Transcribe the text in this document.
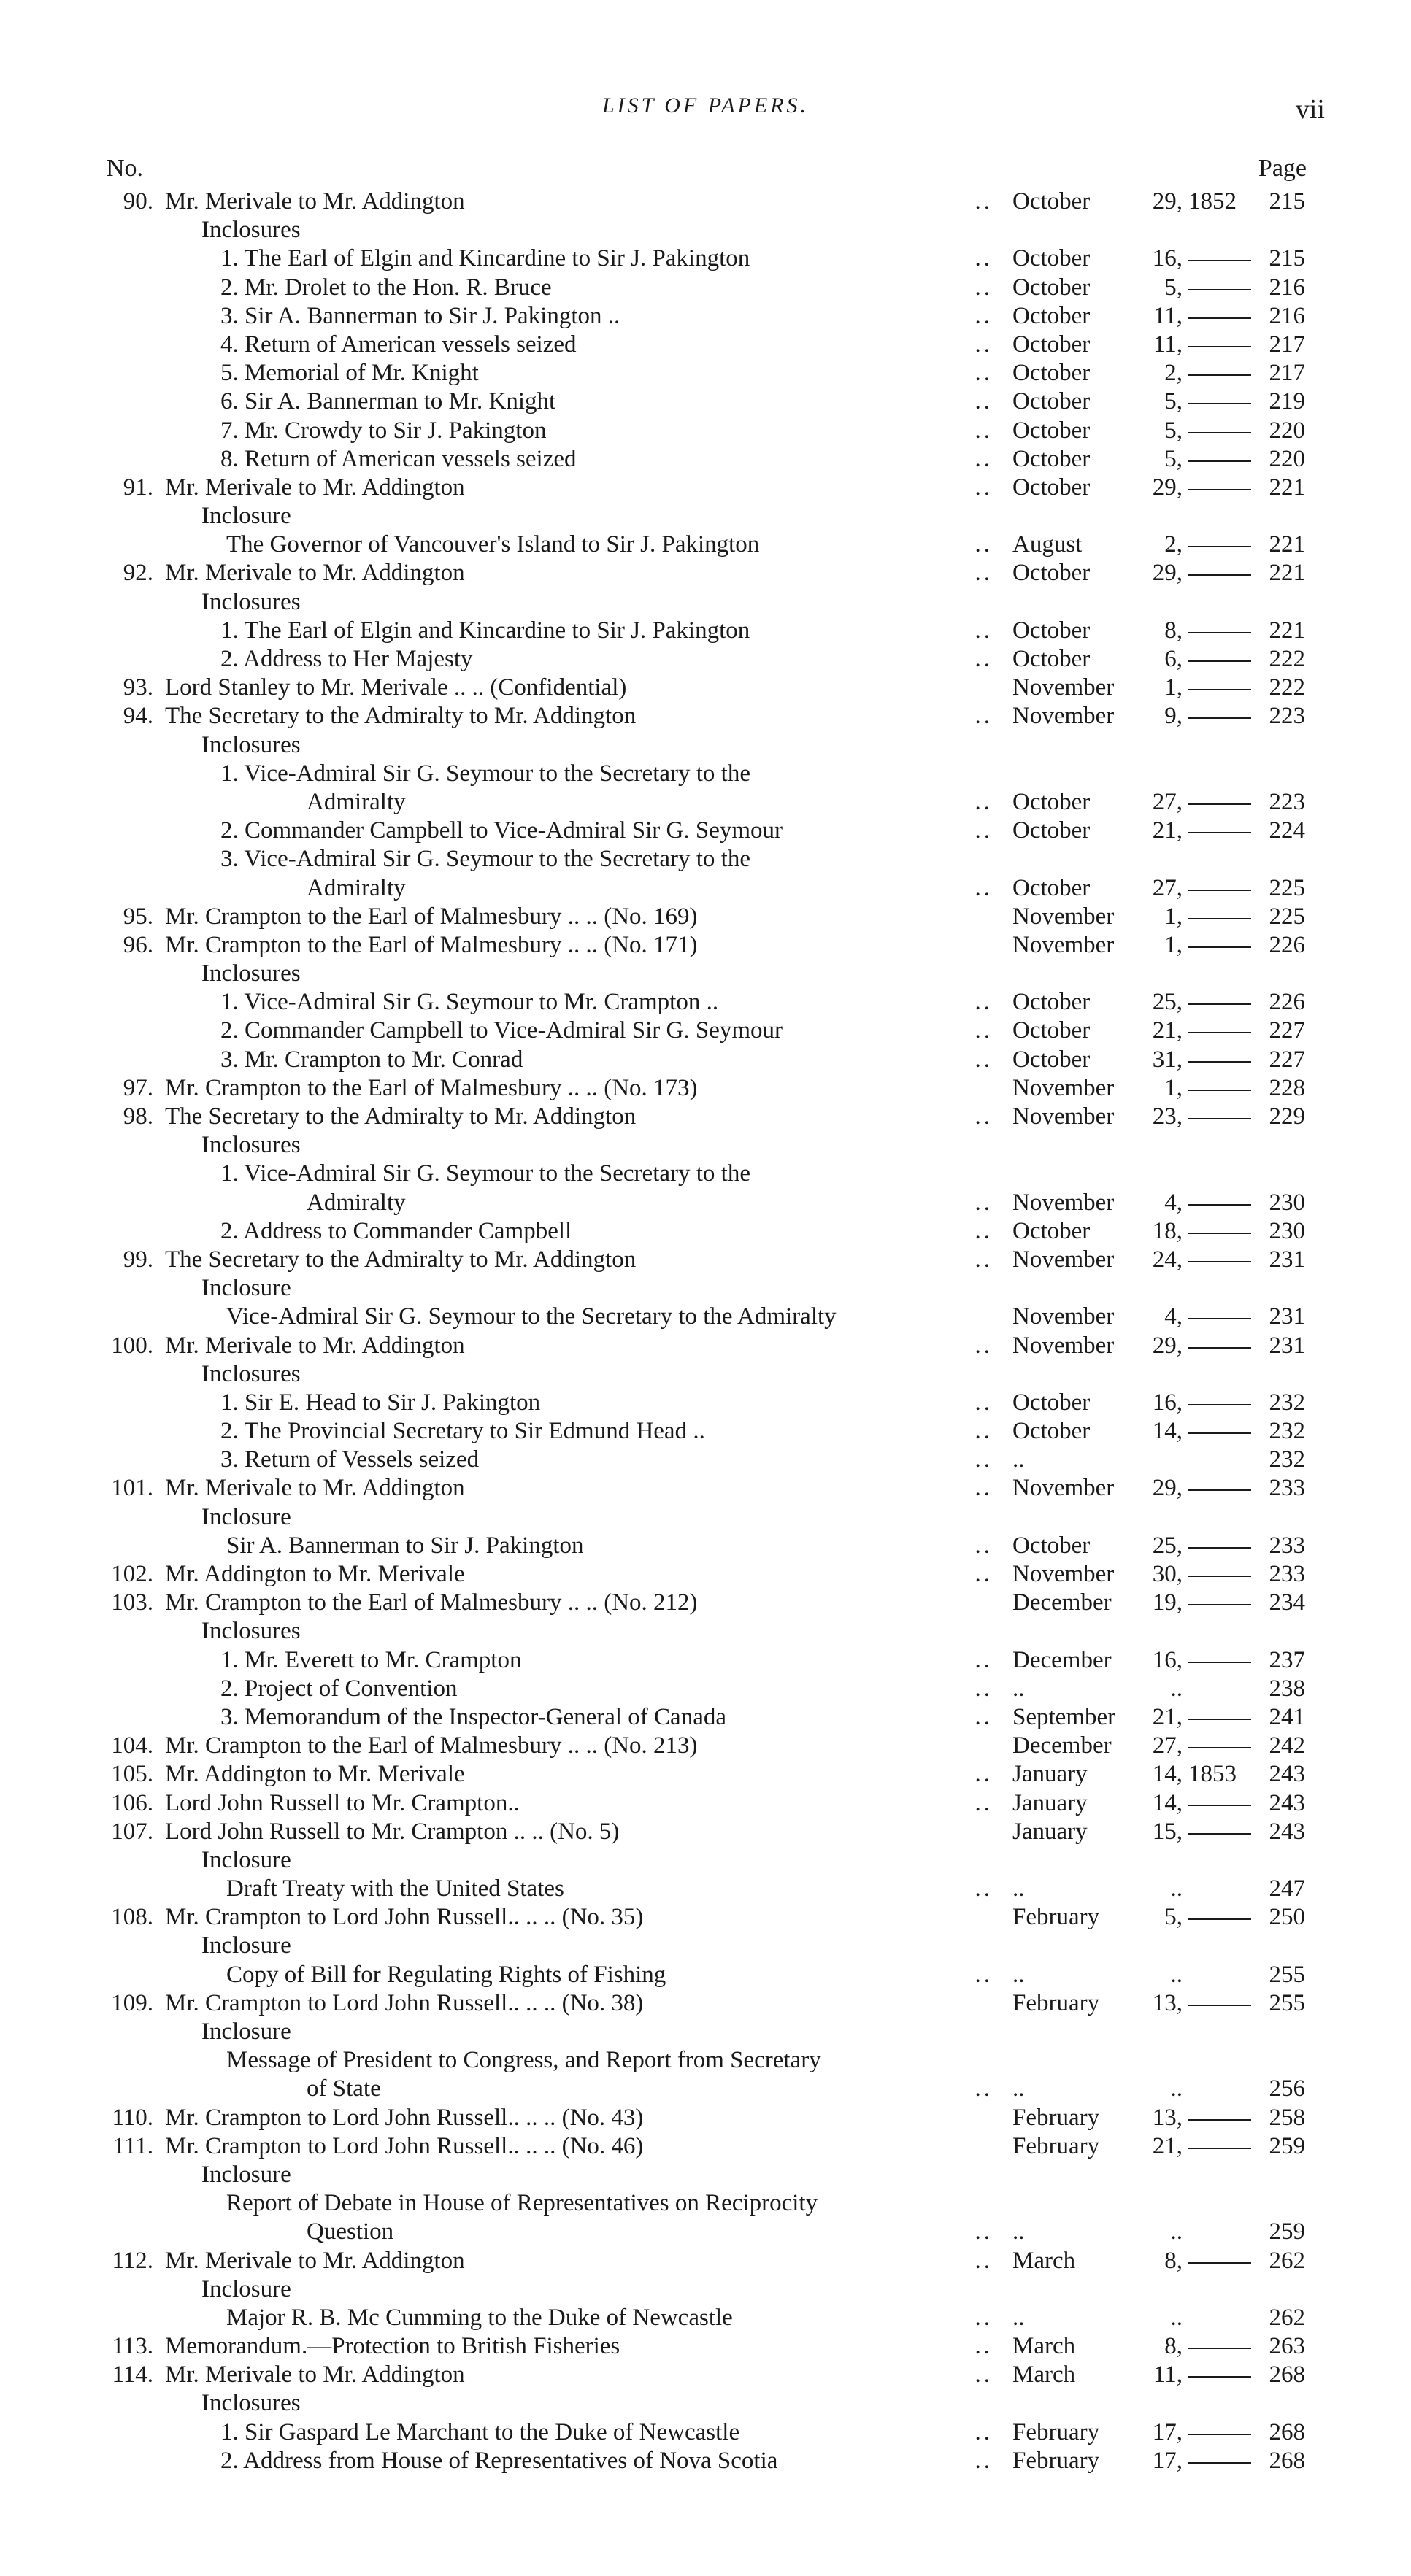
LIST OF PAPERS.	vii
No.	Page
90. Mr. Merivale to Mr. Addington	.. October	29, 1852	215
Inclosures
1. The Earl of Elgin and Kincardine to Sir J. Pakington	.. October	16,	215
2. Mr. Drolet to the Hon. R. Bruce	.. October	5,	216
3. Sir A. Bannerman to Sir J. Pakington ..	.. October	11,	216
4. Return of American vessels seized	.. October	11,	217
5. Memorial of Mr. Knight	.. October	2,	217
6. Sir A. Bannerman to Mr. Knight	.. October	5,	219
7. Mr. Crowdy to Sir J. Pakington	.. October	5,	220
8. Return of American vessels seized	.. October	5,	220
91. Mr. Merivale to Mr. Addington	.. October	29,	221
Inclosure
The Governor of Vancouver's Island to Sir J. Pakington	.. August	2,	221
92. Mr. Merivale to Mr. Addington	.. October	29,	221
Inclosures
1. The Earl of Elgin and Kincardine to Sir J. Pakington	.. October	8,	221
2. Address to Her Majesty	.. October	6,	222
93. Lord Stanley to Mr. Merivale .. .. (Confidential)	November	1,	222
94. The Secretary to the Admiralty to Mr. Addington	.. November	9,	223
Inclosures
1. Vice-Admiral Sir G. Seymour to the Secretary to the
Admiralty	.. October	27,	223
2. Commander Campbell to Vice-Admiral Sir G. Seymour	.. October	21,	224
3. Vice-Admiral Sir G. Seymour to the Secretary to the
Admiralty	.. October	27,	225
95. Mr. Crampton to the Earl of Malmesbury .. .. (No. 169)	November	1,	225
96. Mr. Crampton to the Earl of Malmesbury .. .. (No. 171)	November	1,	226
Inclosures
1. Vice-Admiral Sir G. Seymour to Mr. Crampton ..	.. October	25,	226
2. Commander Campbell to Vice-Admiral Sir G. Seymour	.. October	21,	227
3. Mr. Crampton to Mr. Conrad	.. October	31,	227
97. Mr. Crampton to the Earl of Malmesbury .. .. (No. 173)	November	1,	228
98. The Secretary to the Admiralty to Mr. Addington	.. November	23,	229
Inclosures
1. Vice-Admiral Sir G. Seymour to the Secretary to the
Admiralty	.. November	4,	230
2. Address to Commander Campbell	.. October	18,	230
99. The Secretary to the Admiralty to Mr. Addington	.. November	24,	231
Inclosure
Vice-Admiral Sir G. Seymour to the Secretary to the Admiralty	November	4,	231
100. Mr. Merivale to Mr. Addington	.. November	29,	231
Inclosures
1. Sir E. Head to Sir J. Pakington	.. October	16,	232
2. The Provincial Secretary to Sir Edmund Head ..	.. October	14,	232
3. Return of Vessels seized	.. ..	232
101. Mr. Merivale to Mr. Addington	.. November	29,	233
Inclosure
Sir A. Bannerman to Sir J. Pakington	.. October	25,	233
102. Mr. Addington to Mr. Merivale	.. November	30,	233
103. Mr. Crampton to the Earl of Malmesbury .. .. (No. 212)	December	19,	234
Inclosures
1. Mr. Everett to Mr. Crampton	.. December	16,	237
2. Project of Convention	.. ..	..	238
3. Memorandum of the Inspector-General of Canada	.. September	21,	241
104. Mr. Crampton to the Earl of Malmesbury .. .. (No. 213)	December	27,	242
105. Mr. Addington to Mr. Merivale	.. January	14, 1853	243
106. Lord John Russell to Mr. Crampton..	.. January	14,	243
107. Lord John Russell to Mr. Crampton .. .. (No. 5)	January	15,	243
Inclosure
Draft Treaty with the United States	.. ..	..	247
108. Mr. Crampton to Lord John Russell.. .. .. (No. 35)	February	5,	250
Inclosure
Copy of Bill for Regulating Rights of Fishing	.. ..	..	255
109. Mr. Crampton to Lord John Russell.. .. .. (No. 38)	February	13,	255
Inclosure
Message of President to Congress, and Report from Secretary
of State	.. ..	..	256
110. Mr. Crampton to Lord John Russell.. .. .. (No. 43)	February	13,	258
111. Mr. Crampton to Lord John Russell.. .. .. (No. 46)	February	21,	259
Inclosure
Report of Debate in House of Representatives on Reciprocity
Question	.. ..	..	259
112. Mr. Merivale to Mr. Addington	.. March	8,	262
Inclosure
Major R. B. Mc Cumming to the Duke of Newcastle	.. ..	..	262
113. Memorandum.—Protection to British Fisheries	.. March	8,	263
114. Mr. Merivale to Mr. Addington	.. March	11,	268
Inclosures
1. Sir Gaspard Le Marchant to the Duke of Newcastle	.. February	17,	268
2. Address from House of Representatives of Nova Scotia	.. February	17,	268
